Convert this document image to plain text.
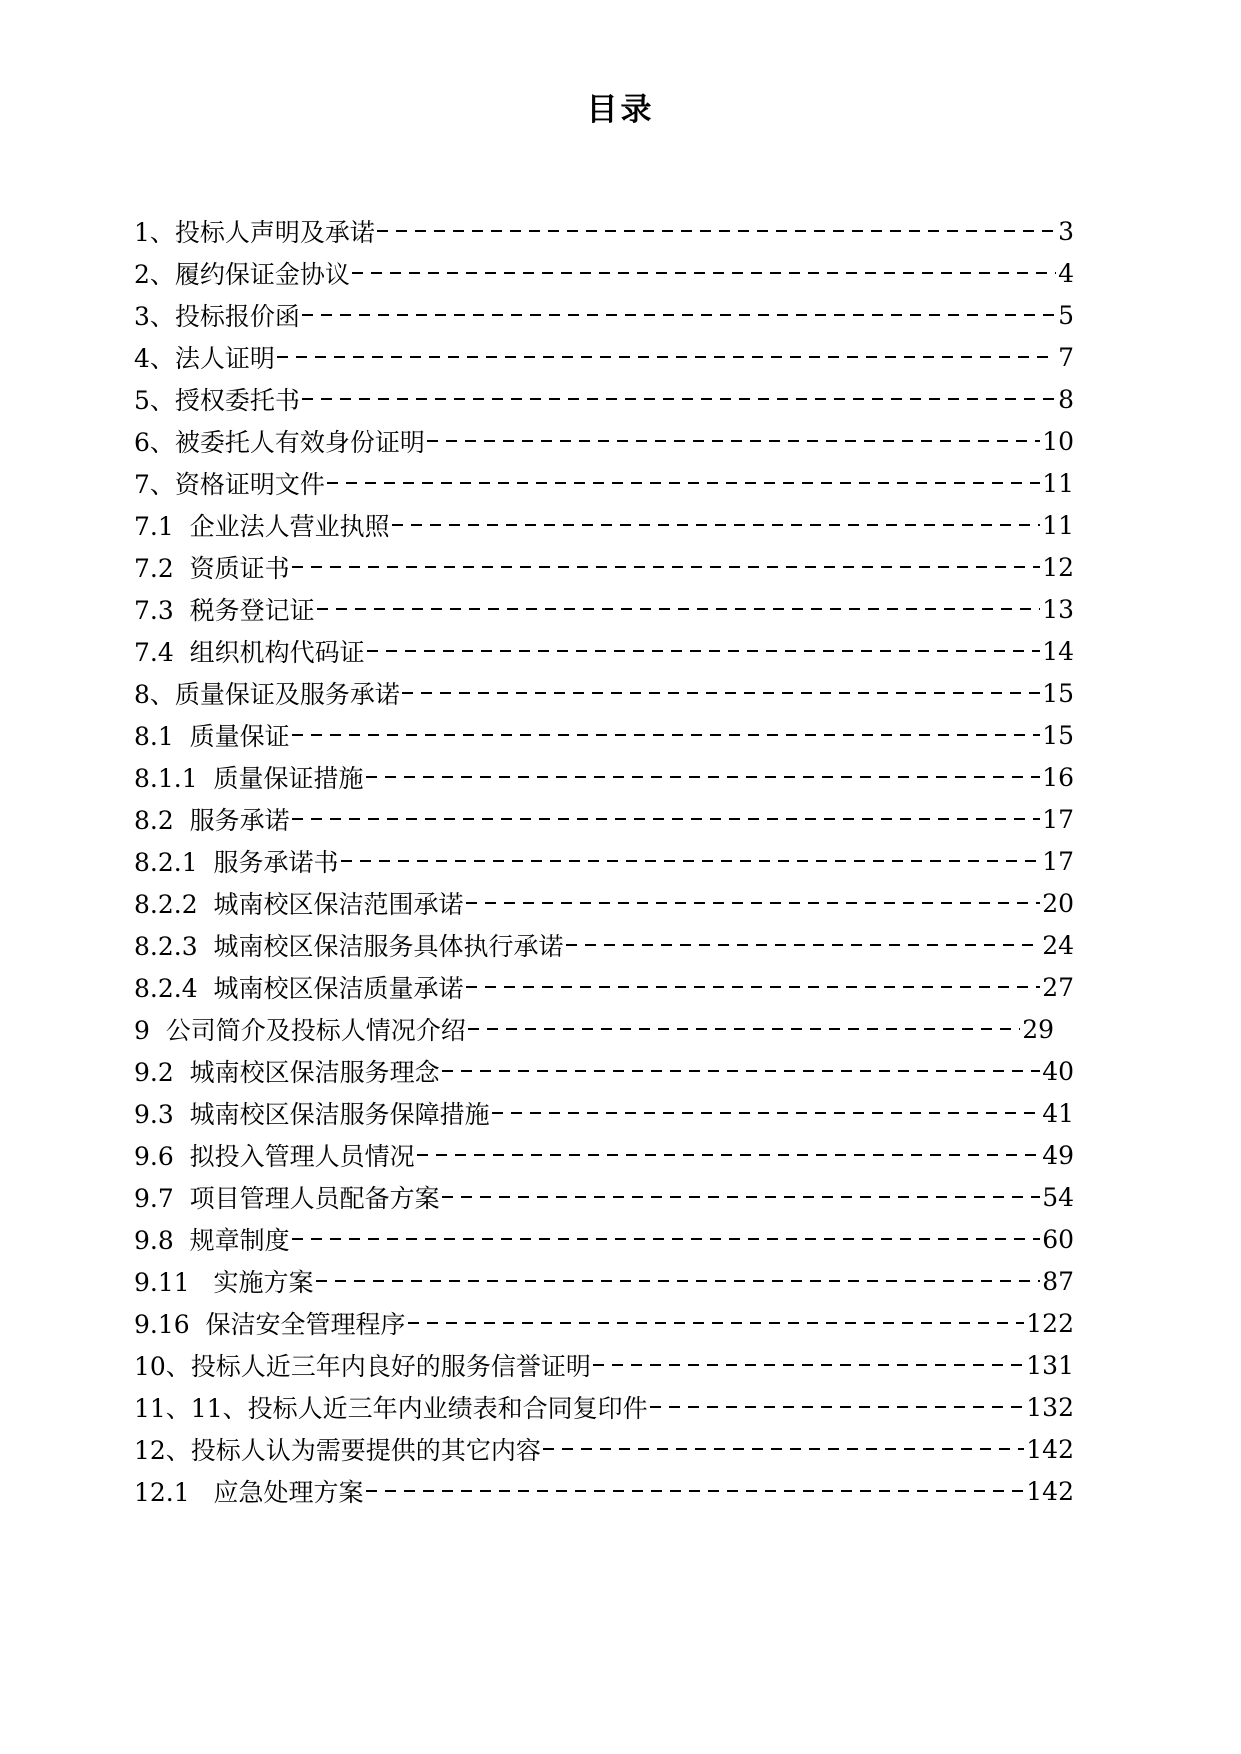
目录
1、投标人声明及承诺	3
2、履约保证金协议	4
3、投标报价函	5
4、法人证明	7
5、授权委托书	8
6、被委托人有效身份证明	10
7、资格证明文件	11
7.1  企业法人营业执照	11
7.2  资质证书	12
7.3  税务登记证	13
7.4  组织机构代码证	14
8、质量保证及服务承诺	15
8.1  质量保证	15
8.1.1  质量保证措施	16
8.2  服务承诺	17
8.2.1  服务承诺书	17
8.2.2  城南校区保洁范围承诺	20
8.2.3  城南校区保洁服务具体执行承诺	24
8.2.4  城南校区保洁质量承诺	27
9  公司简介及投标人情况介绍	29
9.2  城南校区保洁服务理念	40
9.3  城南校区保洁服务保障措施	41
9.6  拟投入管理人员情况	49
9.7  项目管理人员配备方案	54
9.8  规章制度	60
9.11   实施方案	87
9.16  保洁安全管理程序	122
10、投标人近三年内良好的服务信誉证明	131
11、11、投标人近三年内业绩表和合同复印件	132
12、投标人认为需要提供的其它内容	142
12.1   应急处理方案	142
